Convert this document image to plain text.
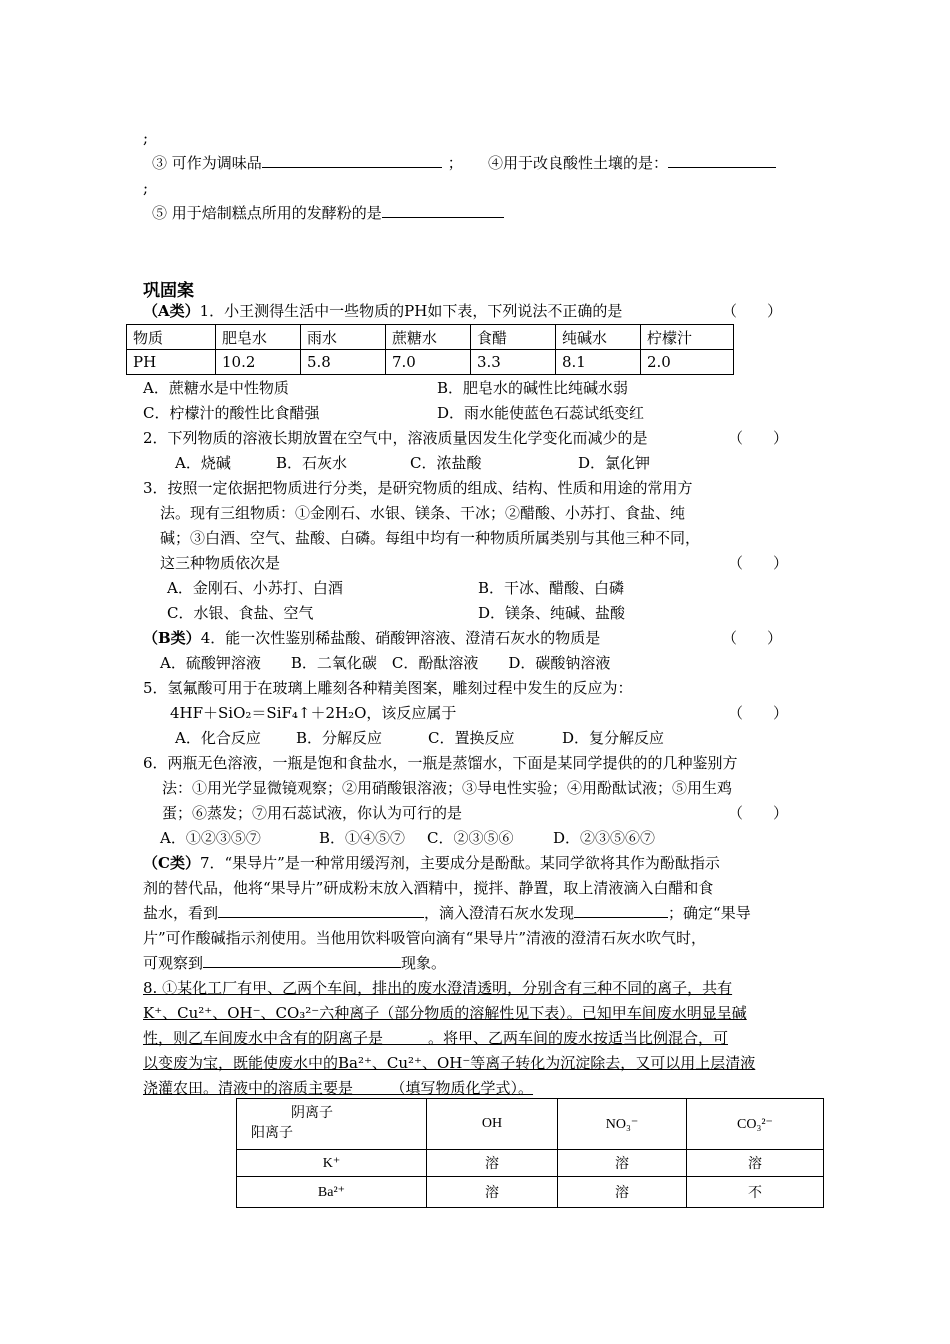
;
③ 可作为调味品	； ④用于改良酸性土壤的是：
;
⑤ 用于焙制糕点所用的发酵粉的是
巩固案
（A类）1．小王测得生活中一些物质的PH如下表，下列说法不正确的是	（　　）
物质	肥皂水	雨水	蔗糖水	食醋	纯碱水	柠檬汁
PH	10.2	5.8	7.0	3.3	8.1	2.0
A．蔗糖水是中性物质	B．肥皂水的碱性比纯碱水弱
C．柠檬汁的酸性比食醋强	D．雨水能使蓝色石蕊试纸变红
2．下列物质的溶液长期放置在空气中，溶液质量因发生化学变化而减少的是	（　　）
A．烧碱	B．石灰水	C．浓盐酸	D．氯化钾
3．按照一定依据把物质进行分类，是研究物质的组成、结构、性质和用途的常用方
法。现有三组物质：①金刚石、水银、镁条、干冰；②醋酸、小苏打、食盐、纯
碱；③白酒、空气、盐酸、白磷。每组中均有一种物质所属类别与其他三种不同，
这三种物质依次是	（　　）
A．金刚石、小苏打、白酒	B．干冰、醋酸、白磷
C．水银、食盐、空气	D．镁条、纯碱、盐酸
（B类）4．能一次性鉴别稀盐酸、硝酸钾溶液、澄清石灰水的物质是	（　　）
A．硫酸钾溶液　　B．二氧化碳　C．酚酞溶液　　D．碳酸钠溶液
5．氢氟酸可用于在玻璃上雕刻各种精美图案，雕刻过程中发生的反应为：
4HF＋SiO₂＝SiF₄↑＋2H₂O，该反应属于	（　　）
A．化合反应 B．分解反应	C．置换反应	D．复分解反应
6．两瓶无色溶液，一瓶是饱和食盐水，一瓶是蒸馏水，下面是某同学提供的的几种鉴别方
法：①用光学显微镜观察；②用硝酸银溶液；③导电性实验；④用酚酞试液；⑤用生鸡
蛋；⑥蒸发；⑦用石蕊试液，你认为可行的是	（　　）
A．①②③⑤⑦	B．①④⑤⑦ C．②③⑤⑥	D．②③⑤⑥⑦
（C类）7．“果导片”是一种常用缓泻剂，主要成分是酚酞。某同学欲将其作为酚酞指示
剂的替代品，他将“果导片”研成粉末放入酒精中，搅拌、静置，取上清液滴入白醋和食
盐水，看到	，滴入澄清石灰水发现	；确定“果导
片”可作酸碱指示剂使用。当他用饮料吸管向滴有“果导片”清液的澄清石灰水吹气时，
可观察到	现象。
8. ①某化工厂有甲、乙两个车间，排出的废水澄清透明，分别含有三种不同的离子，共有
K⁺、Cu²⁺、OH⁻、CO₃²⁻六种离子（部分物质的溶解性见下表）。已知甲车间废水明显呈碱
性，则乙车间废水中含有的阴离子是　　　。将甲、乙两车间的废水按适当比例混合，可
以变废为宝，既能使废水中的Ba²⁺、Cu²⁺、OH⁻等离子转化为沉淀除去，又可以用上层清液
浇灌农田。清液中的溶质主要是　　　（填写物质化学式）。
阴离子
阳离子	OH	NO₃⁻	CO₃²⁻
K⁺	溶	溶	溶
Ba²⁺	溶	溶	不
